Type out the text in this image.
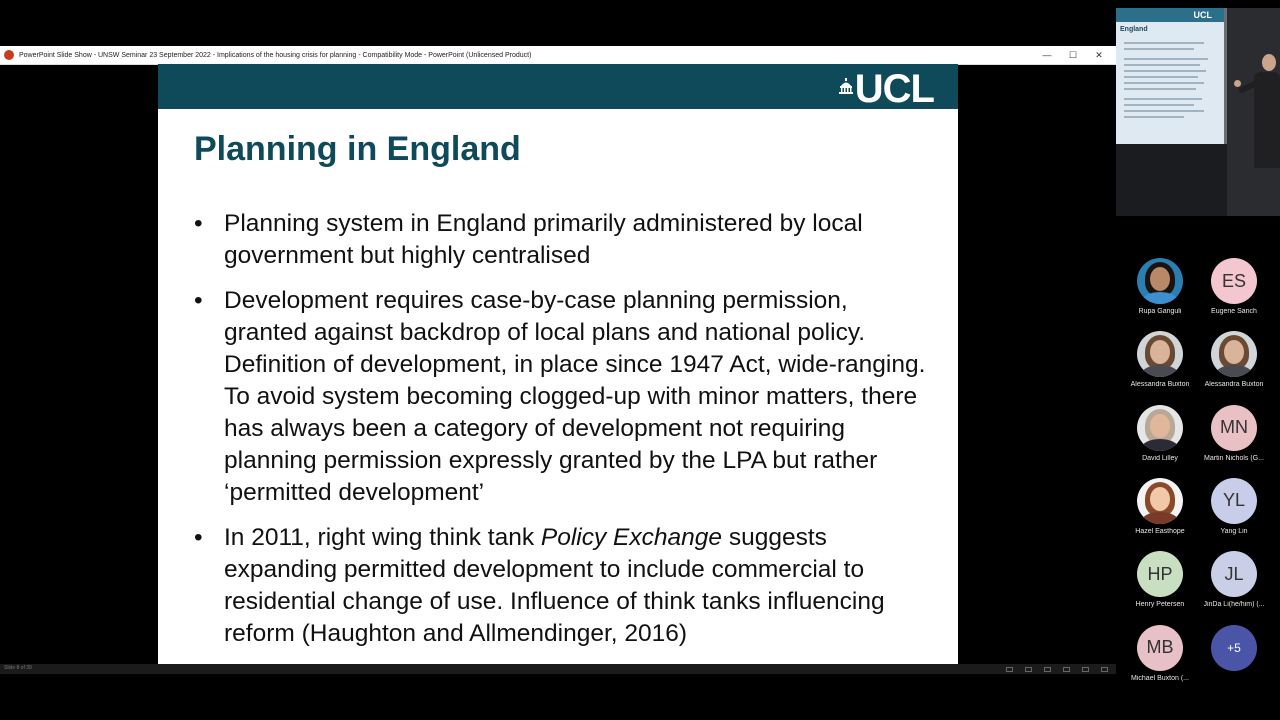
PowerPoint Slide Show - UNSW Seminar 23 September 2022 - Implications of the housing crisis for planning - Compatibility Mode - PowerPoint (Unlicensed Product)	—	☐	✕
UCL
Planning in England
• Planning system in England primarily administered by local government but highly centralised
• Development requires case-by-case planning permission, granted against backdrop of local plans and national policy. Definition of development, in place since 1947 Act, wide-ranging. To avoid system becoming clogged-up with minor matters, there has always been a category of development not requiring planning permission expressly granted by the LPA but rather ‘permitted development’
• In 2011, right wing think tank Policy Exchange suggests expanding permitted development to include commercial to residential change of use. Influence of think tanks influencing reform (Haughton and Allmendinger, 2016)
Slide 8 of 39
UCL
England
Rupa Ganguli
ES
Eugene Sarich
Alessandra Buxton	Alessandra Buxton
David Lilley
MN
Martin Nichols (G...
Hazel Easthope
YL
Yang Lin
HP
Henry Petersen
JL
JinDa Li(he/him) (...
MB
Michael Buxton (...
+5
